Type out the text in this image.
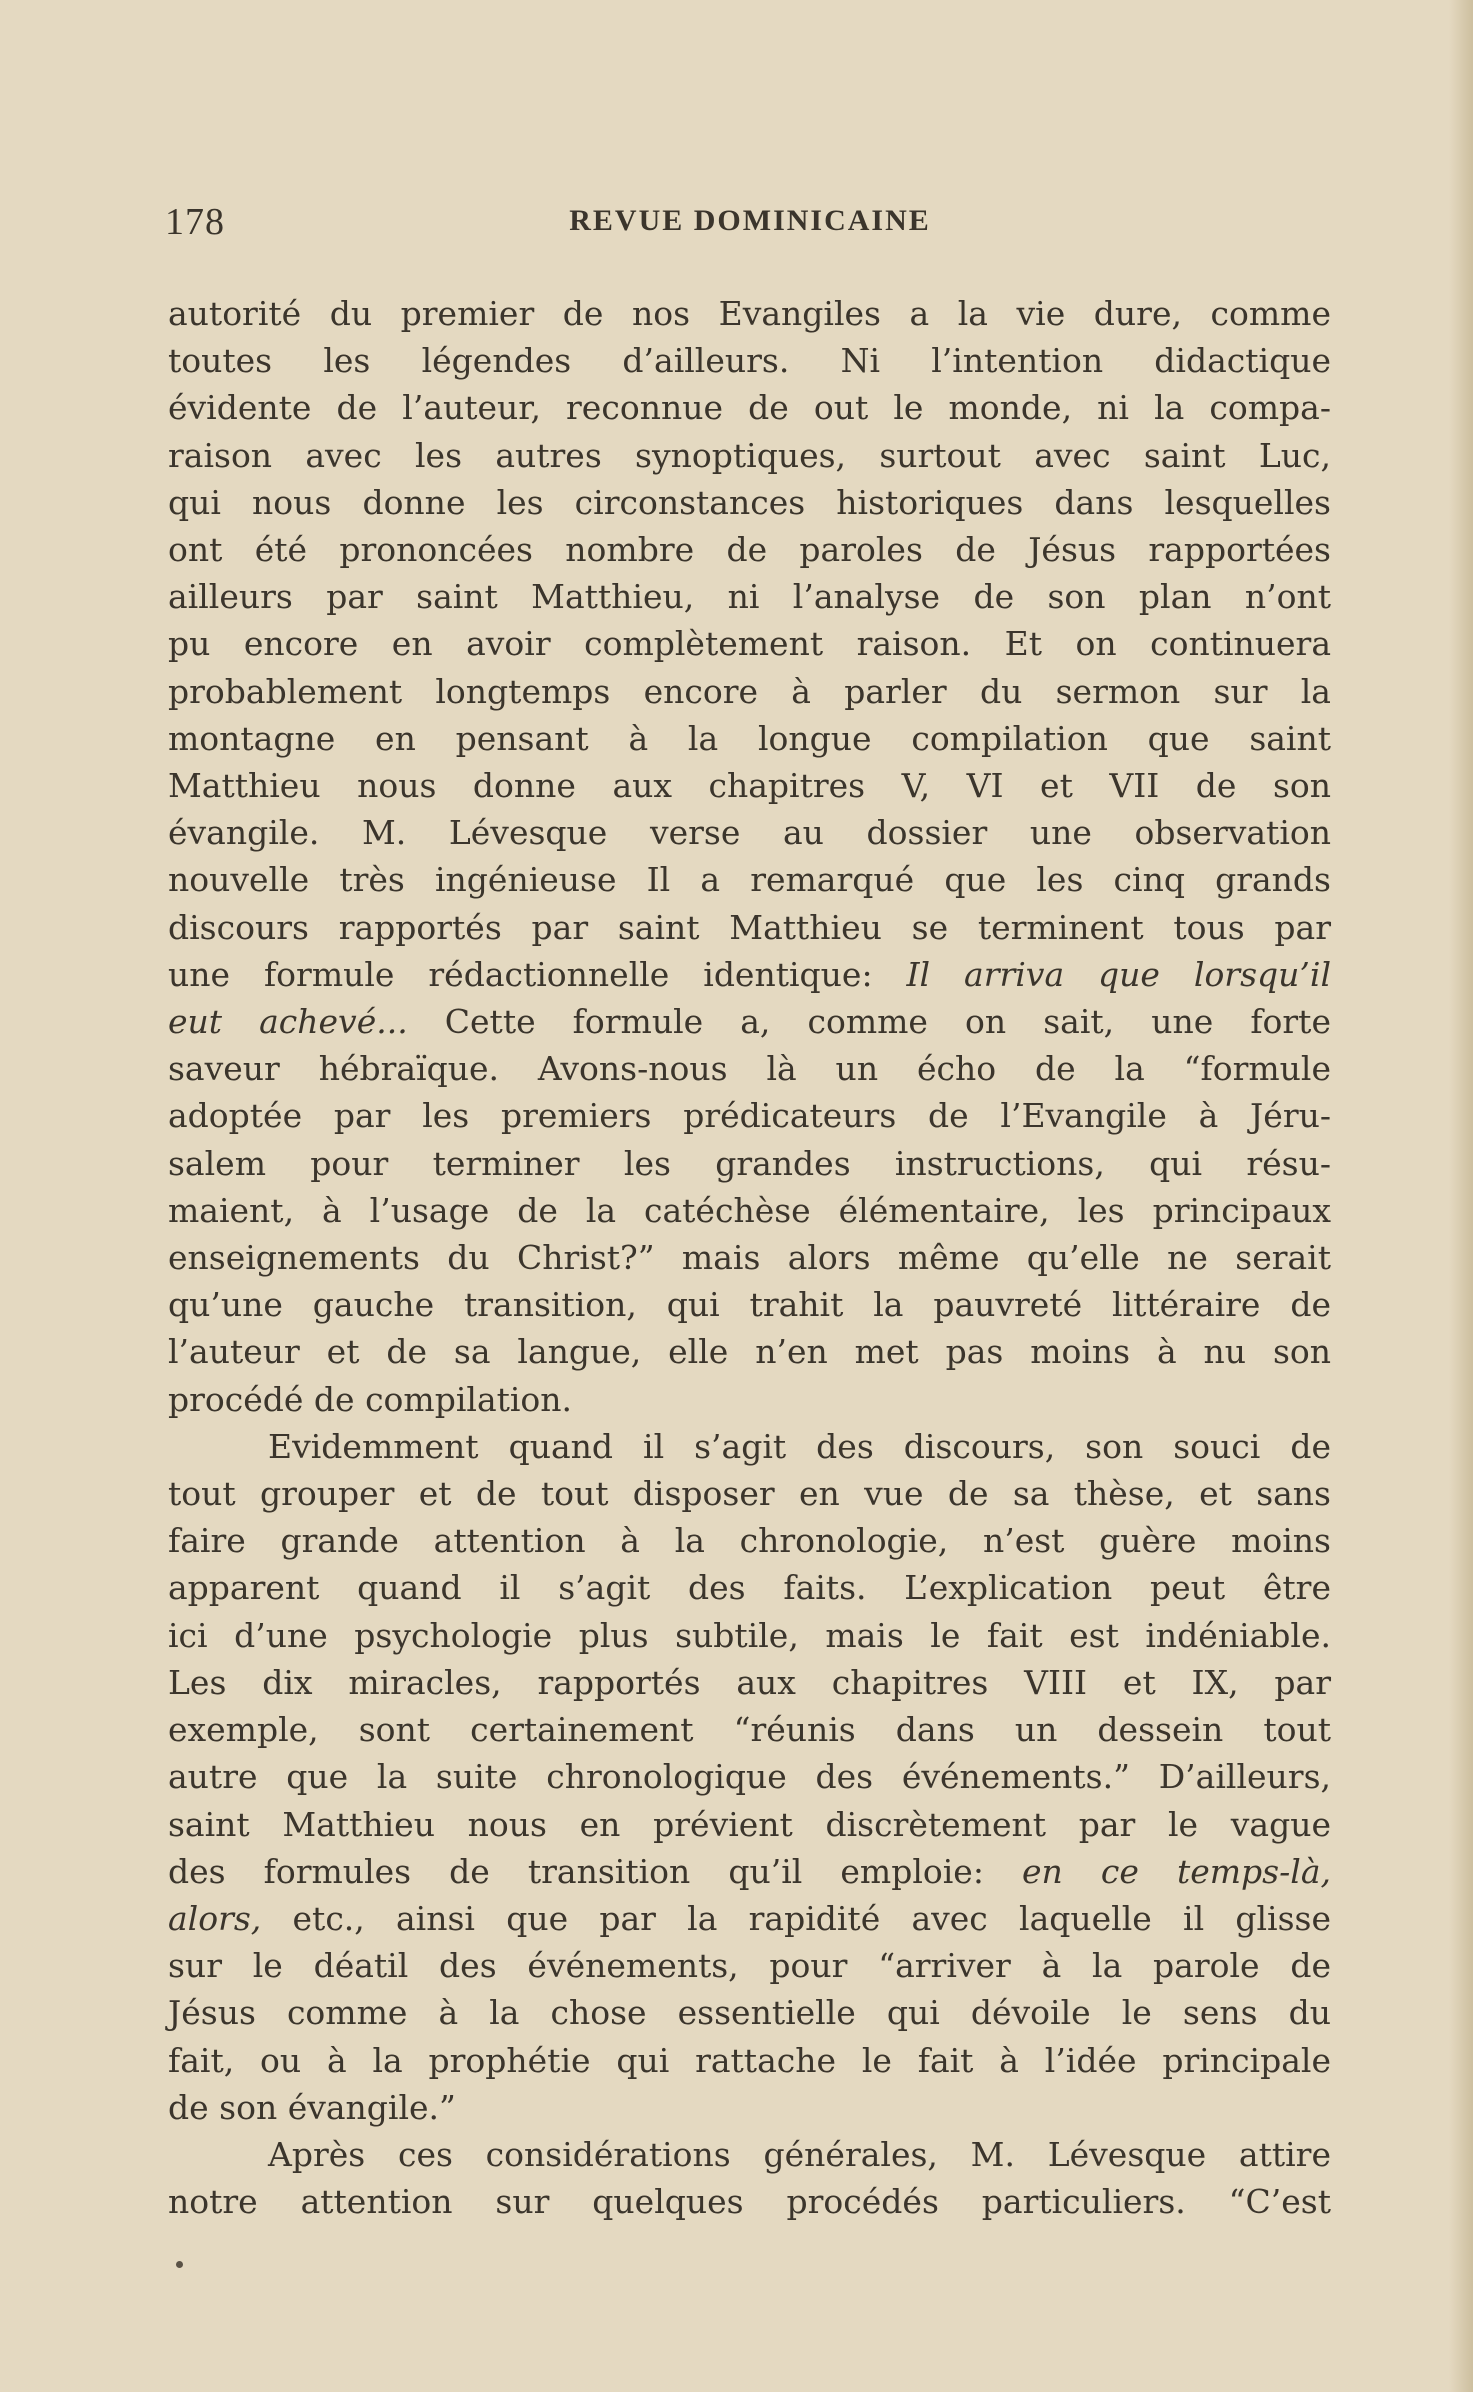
178	REVUE DOMINICAINE
autorité du premier de nos Evangiles a la vie dure, comme
toutes les légendes d’ailleurs. Ni l’intention didactique
évidente de l’auteur, reconnue de out le monde, ni la compa-
raison avec les autres synoptiques, surtout avec saint Luc,
qui nous donne les circonstances historiques dans lesquelles
ont été prononcées nombre de paroles de Jésus rapportées
ailleurs par saint Matthieu, ni l’analyse de son plan n’ont
pu encore en avoir complètement raison. Et on continuera
probablement longtemps encore à parler du sermon sur la
montagne en pensant à la longue compilation que saint
Matthieu nous donne aux chapitres V, VI et VII de son
évangile. M. Lévesque verse au dossier une observation
nouvelle très ingénieuse Il a remarqué que les cinq grands
discours rapportés par saint Matthieu se terminent tous par
une formule rédactionnelle identique: Il arriva que lorsqu’il
eut achevé... Cette formule a, comme on sait, une forte
saveur hébraïque. Avons-nous là un écho de la “formule
adoptée par les premiers prédicateurs de l’Evangile à Jéru-
salem pour terminer les grandes instructions, qui résu-
maient, à l’usage de la catéchèse élémentaire, les principaux
enseignements du Christ?” mais alors même qu’elle ne serait
qu’une gauche transition, qui trahit la pauvreté littéraire de
l’auteur et de sa langue, elle n’en met pas moins à nu son
procédé de compilation.
Evidemment quand il s’agit des discours, son souci de
tout grouper et de tout disposer en vue de sa thèse, et sans
faire grande attention à la chronologie, n’est guère moins
apparent quand il s’agit des faits. L’explication peut être
ici d’une psychologie plus subtile, mais le fait est indéniable.
Les dix miracles, rapportés aux chapitres VIII et IX, par
exemple, sont certainement “réunis dans un dessein tout
autre que la suite chronologique des événements.” D’ailleurs,
saint Matthieu nous en prévient discrètement par le vague
des formules de transition qu’il emploie: en ce temps-là,
alors, etc., ainsi que par la rapidité avec laquelle il glisse
sur le déatil des événements, pour “arriver à la parole de
Jésus comme à la chose essentielle qui dévoile le sens du
fait, ou à la prophétie qui rattache le fait à l’idée principale
de son évangile.”
Après ces considérations générales, M. Lévesque attire
notre attention sur quelques procédés particuliers. “C’est
